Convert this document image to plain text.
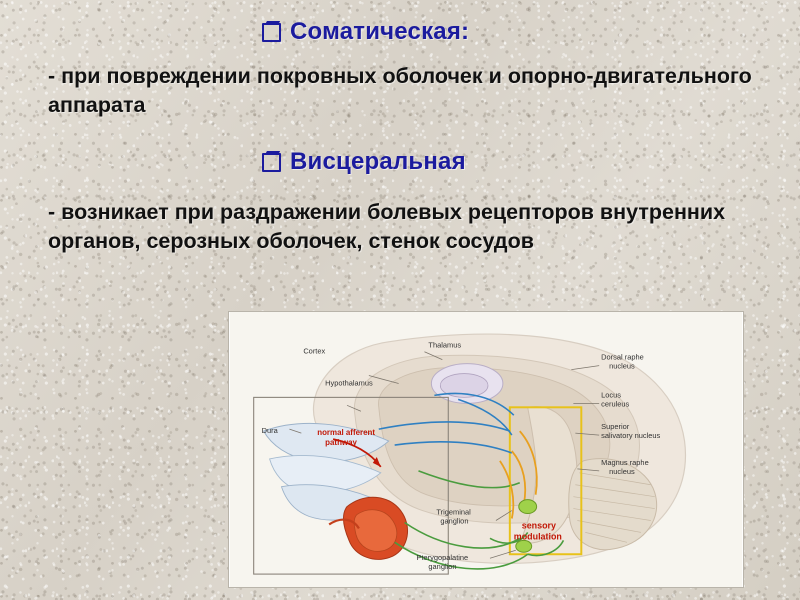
Соматическая:
- при повреждении покровных оболочек и опорно-двигательного аппарата
Висцеральная
- возникает при раздражении болевых рецепторов внутренних органов, серозных оболочек, стенок сосудов
Cortex
Thalamus
Hypothalamus
Dorsal raphe
nucleus
Locus
ceruleus
Superior
salivatory nucleus
Magnus raphe
nucleus
Dura
Trigeminal
ganglion
Pterygopalatine
ganglion
normal afferent
pathway
sensory
modulation
